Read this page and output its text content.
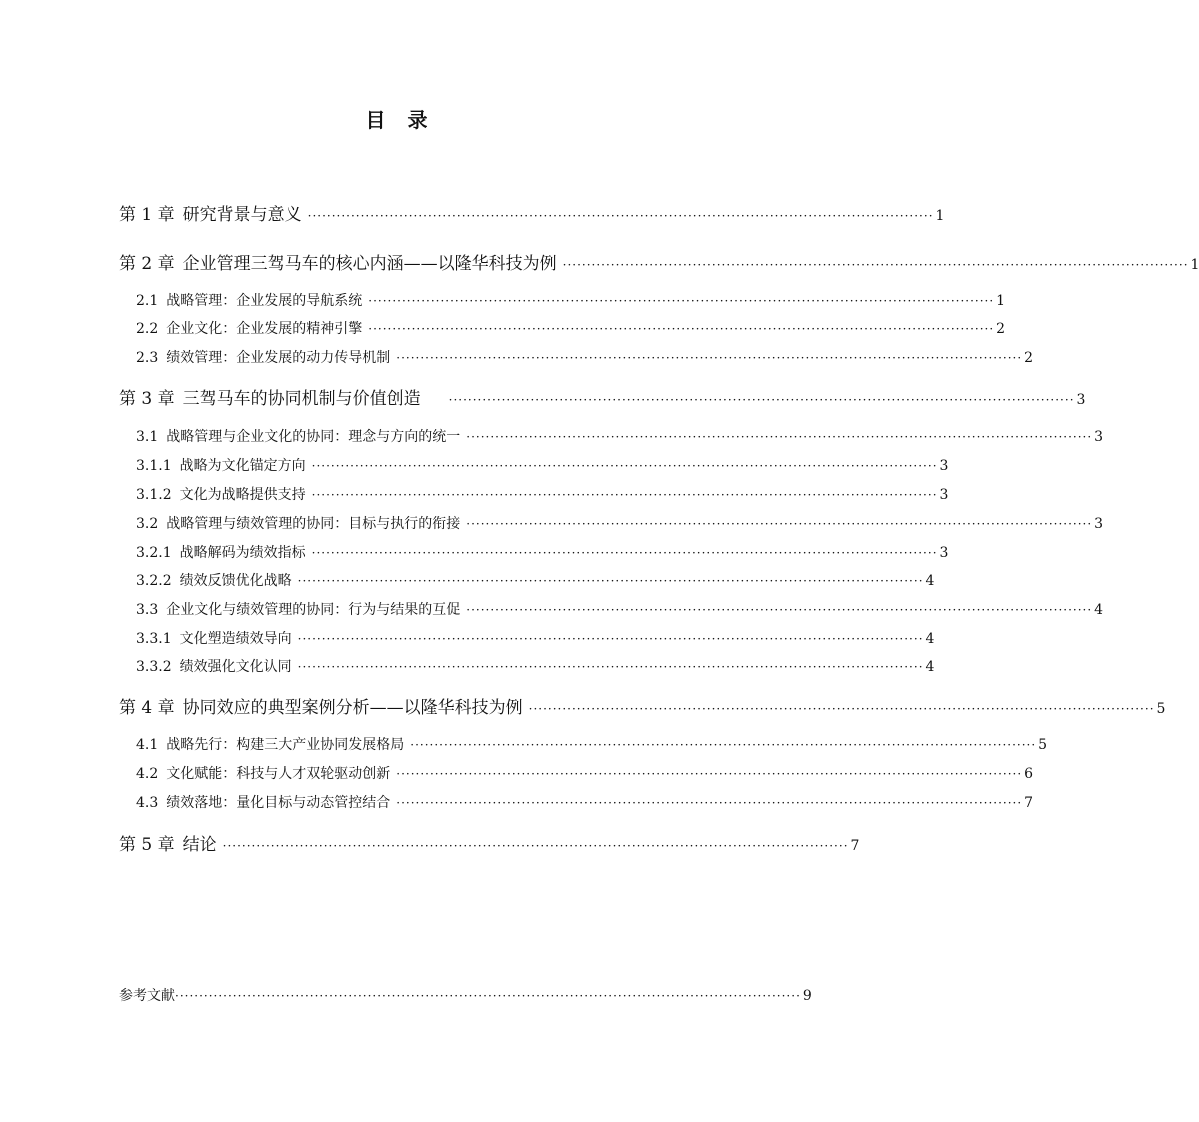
目 录
第 1 章 研究背景与意义 ·································································································································· 1
第 2 章 企业管理三驾马车的核心内涵——以隆华科技为例 ·································································································································· 1
2.1 战略管理：企业发展的导航系统 ·································································································································· 1
2.2 企业文化：企业发展的精神引擎 ·································································································································· 2
2.3 绩效管理：企业发展的动力传导机制 ·································································································································· 2
第 3 章 三驾马车的协同机制与价值创造 ·································································································································· 3
3.1 战略管理与企业文化的协同：理念与方向的统一 ·································································································································· 3
3.1.1 战略为文化锚定方向 ·································································································································· 3
3.1.2 文化为战略提供支持 ·································································································································· 3
3.2 战略管理与绩效管理的协同：目标与执行的衔接 ·································································································································· 3
3.2.1 战略解码为绩效指标 ·································································································································· 3
3.2.2 绩效反馈优化战略 ·································································································································· 4
3.3 企业文化与绩效管理的协同：行为与结果的互促 ·································································································································· 4
3.3.1 文化塑造绩效导向 ·································································································································· 4
3.3.2 绩效强化文化认同 ·································································································································· 4
第 4 章 协同效应的典型案例分析——以隆华科技为例 ·································································································································· 5
4.1 战略先行：构建三大产业协同发展格局 ·································································································································· 5
4.2 文化赋能：科技与人才双轮驱动创新 ·································································································································· 6
4.3 绩效落地：量化目标与动态管控结合 ·································································································································· 7
第 5 章 结论 ·································································································································· 7
参考文献 ·································································································································· 9
